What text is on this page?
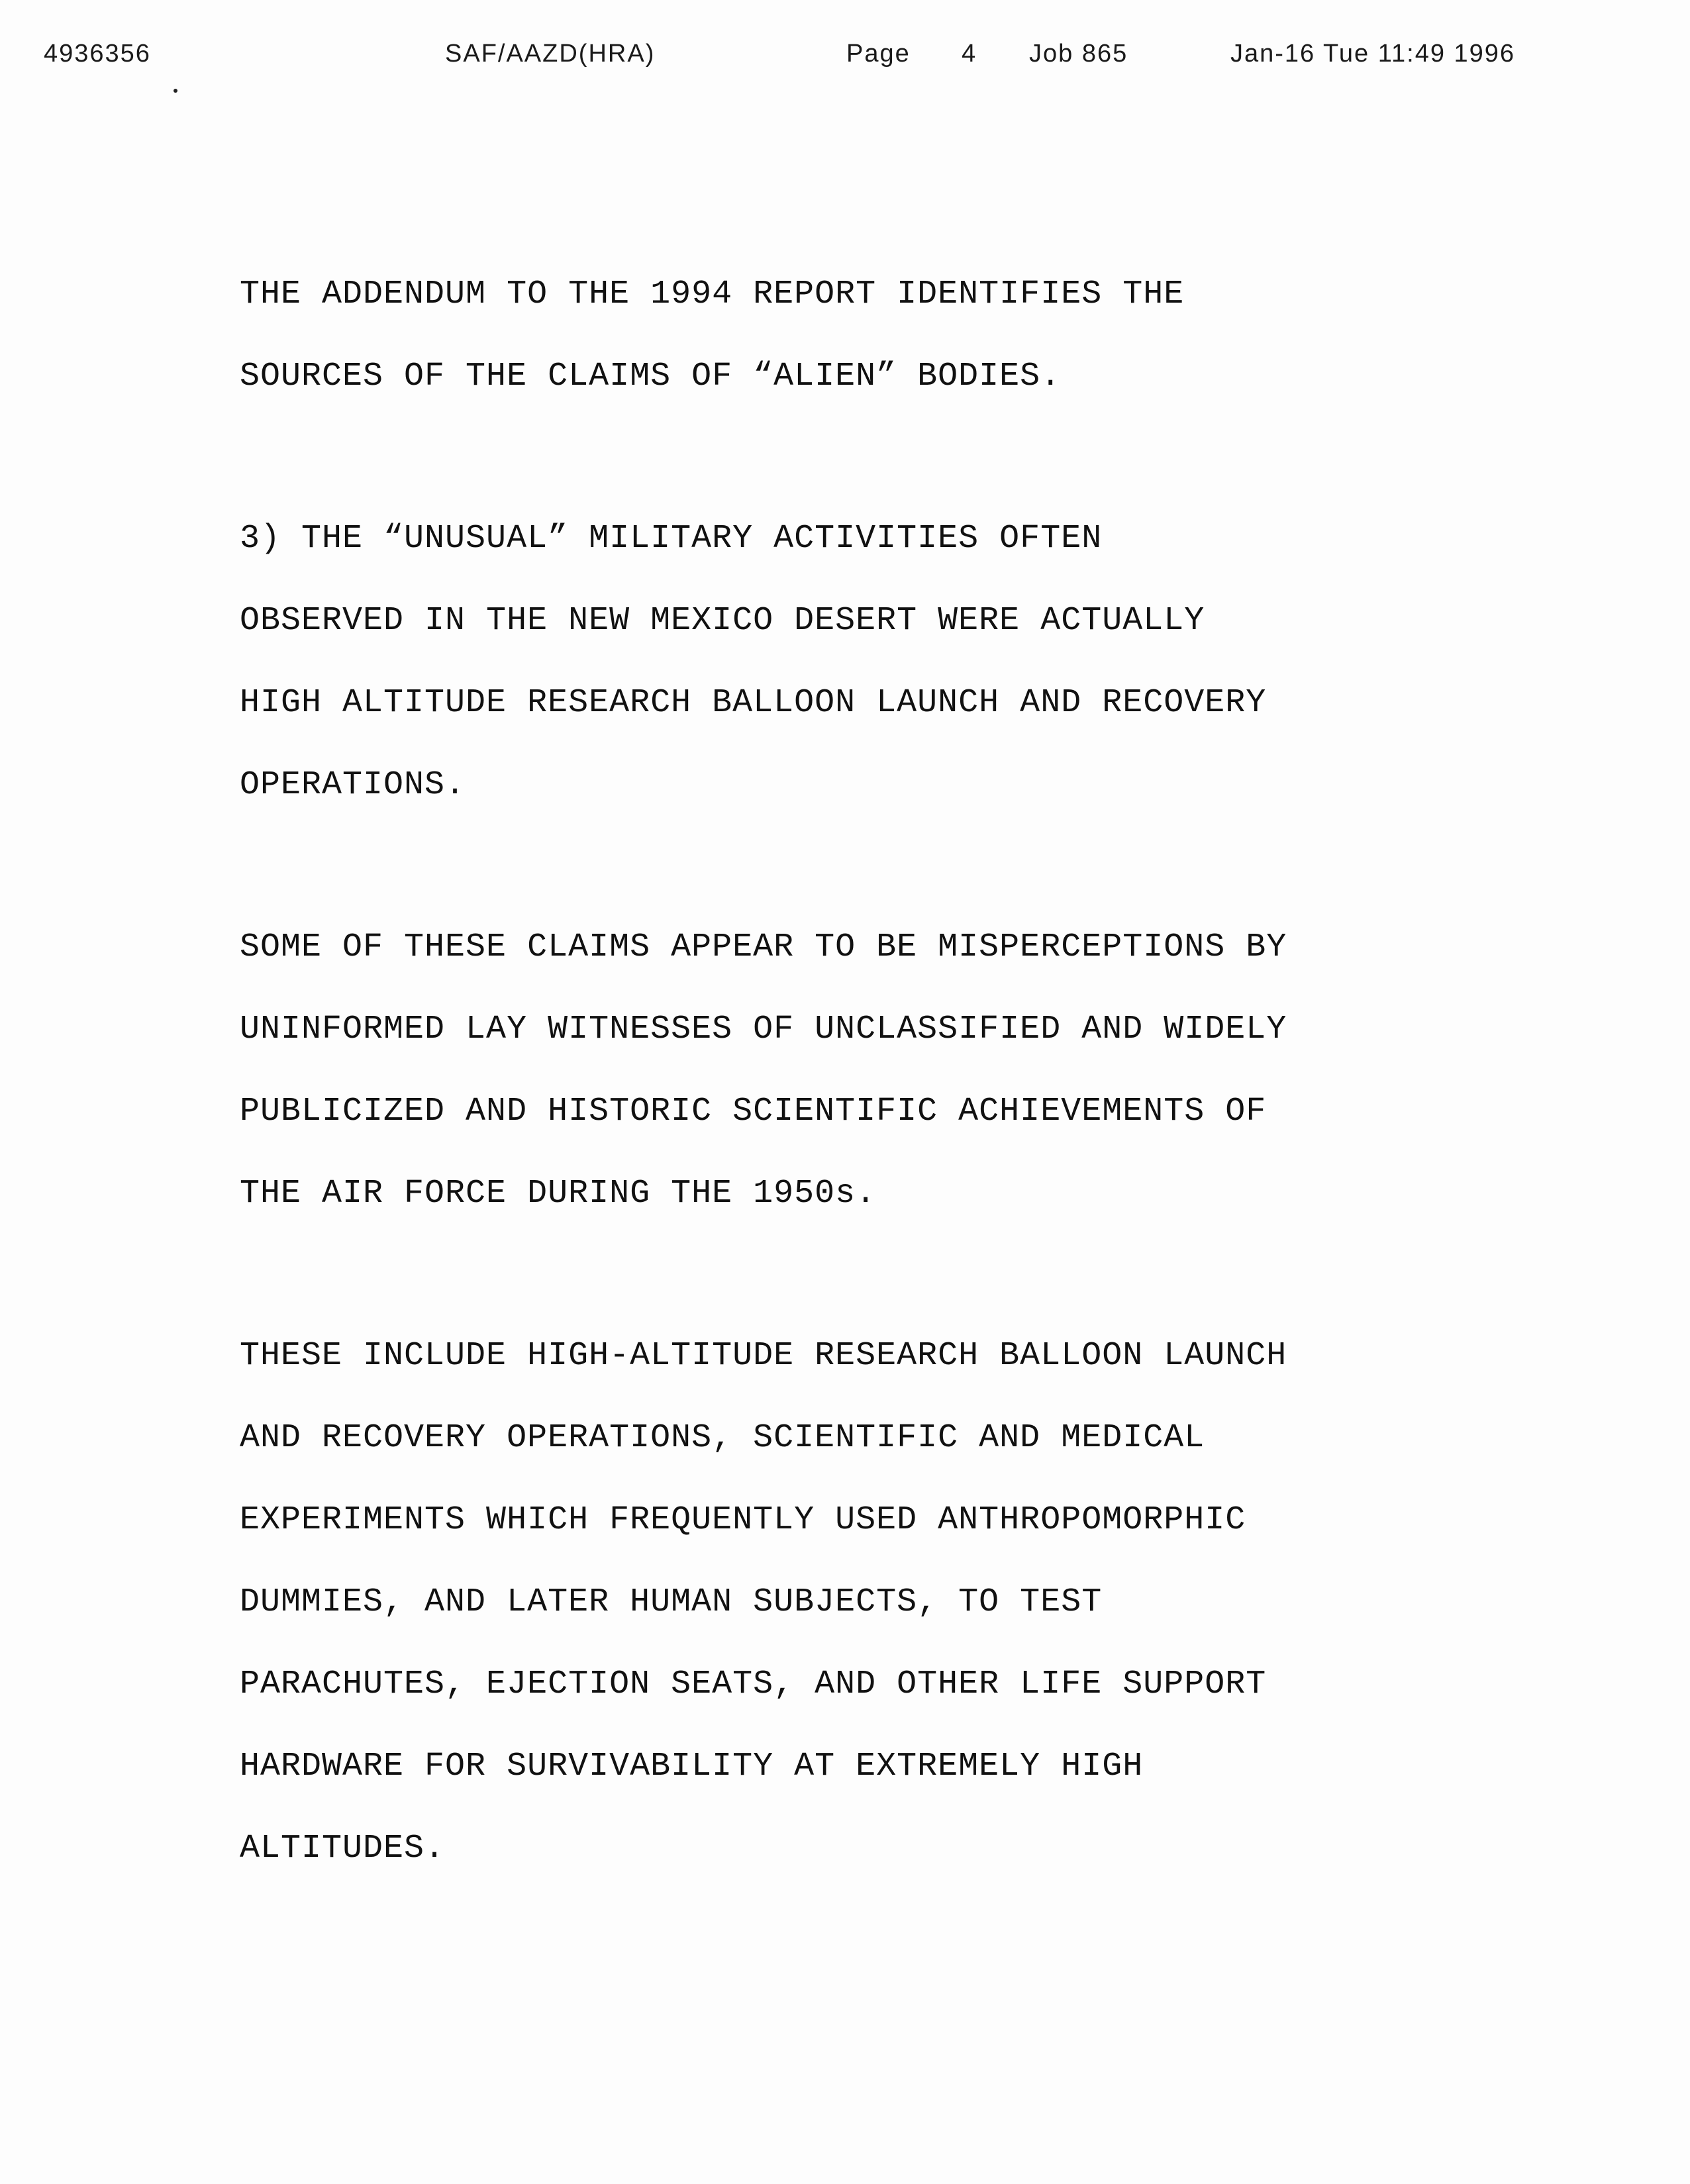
4936356	SAF/AAZD(HRA)	Page 4 Job 865	Jan-16 Tue 11:49 1996
THE ADDENDUM TO THE 1994 REPORT IDENTIFIES THE
SOURCES OF THE CLAIMS OF “ALIEN” BODIES.
3) THE “UNUSUAL” MILITARY ACTIVITIES OFTEN
OBSERVED IN THE NEW MEXICO DESERT WERE ACTUALLY
HIGH ALTITUDE RESEARCH BALLOON LAUNCH AND RECOVERY
OPERATIONS.
SOME OF THESE CLAIMS APPEAR TO BE MISPERCEPTIONS BY
UNINFORMED LAY WITNESSES OF UNCLASSIFIED AND WIDELY
PUBLICIZED AND HISTORIC SCIENTIFIC ACHIEVEMENTS OF
THE AIR FORCE DURING THE 1950s.
THESE INCLUDE HIGH-ALTITUDE RESEARCH BALLOON LAUNCH
AND RECOVERY OPERATIONS, SCIENTIFIC AND MEDICAL
EXPERIMENTS WHICH FREQUENTLY USED ANTHROPOMORPHIC
DUMMIES, AND LATER HUMAN SUBJECTS, TO TEST
PARACHUTES, EJECTION SEATS, AND OTHER LIFE SUPPORT
HARDWARE FOR SURVIVABILITY AT EXTREMELY HIGH
ALTITUDES.
